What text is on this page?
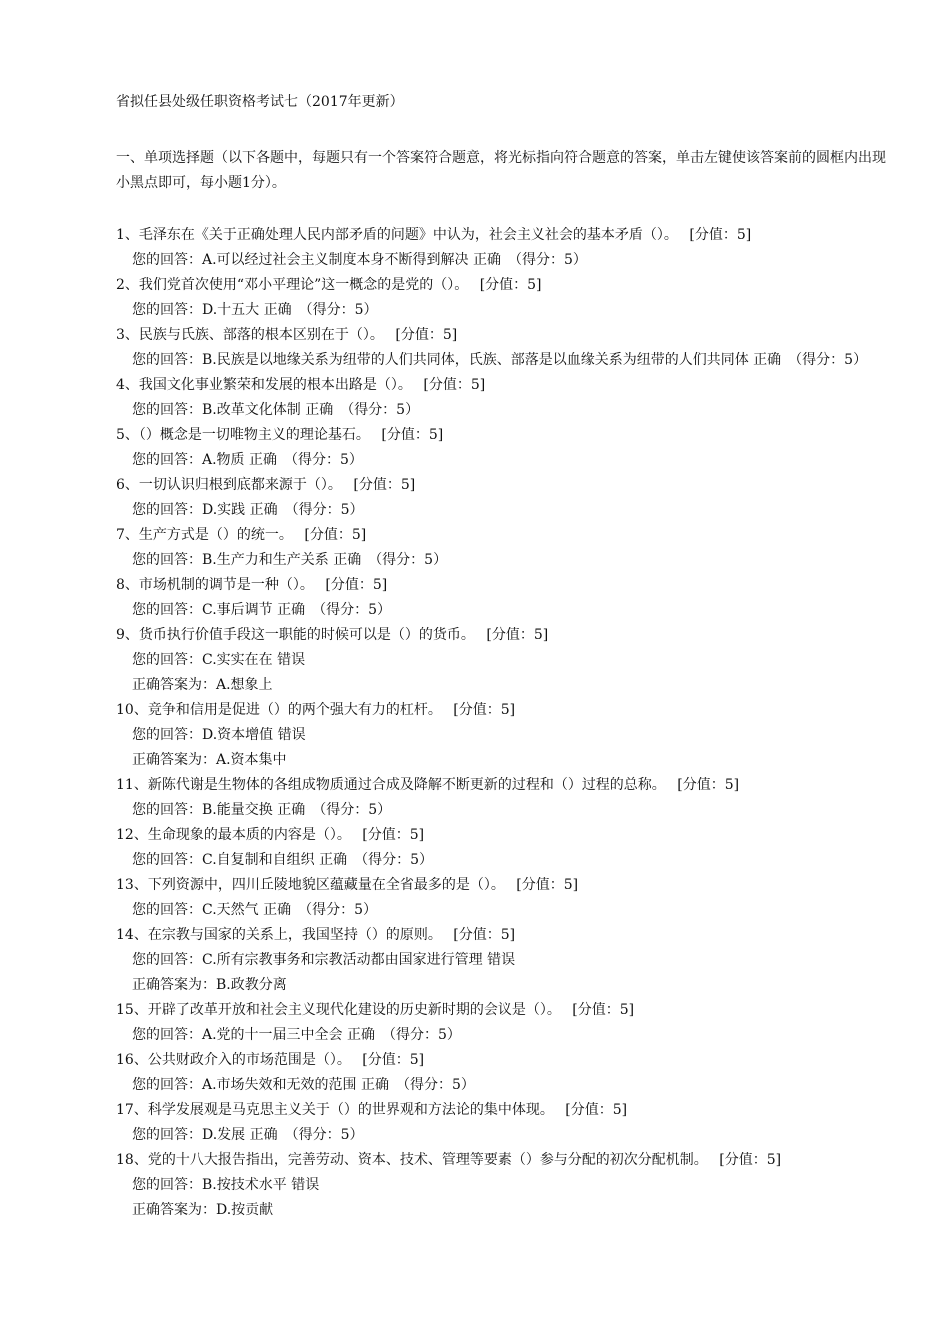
省拟任县处级任职资格考试七（2017年更新）
一、单项选择题（以下各题中，每题只有一个答案符合题意，将光标指向符合题意的答案，单击左键使该答案前的圆框内出现小黑点即可，每小题1分）。
1、毛泽东在《关于正确处理人民内部矛盾的问题》中认为，社会主义社会的基本矛盾（）。　 [分值：5]
您的回答：A.可以经过社会主义制度本身不断得到解决 正确　（得分：5）
2、我们党首次使用“邓小平理论”这一概念的是党的（）。　 [分值：5]
您的回答：D.十五大 正确　（得分：5）
3、民族与氏族、部落的根本区别在于（）。　 [分值：5]
您的回答：B.民族是以地缘关系为纽带的人们共同体，氏族、部落是以血缘关系为纽带的人们共同体 正确　（得分：5）
4、我国文化事业繁荣和发展的根本出路是（）。　 [分值：5]
您的回答：B.改革文化体制 正确　（得分：5）
5、（）概念是一切唯物主义的理论基石。　 [分值：5]
您的回答：A.物质 正确　（得分：5）
6、一切认识归根到底都来源于（）。　 [分值：5]
您的回答：D.实践 正确　（得分：5）
7、生产方式是（）的统一。　 [分值：5]
您的回答：B.生产力和生产关系 正确　（得分：5）
8、市场机制的调节是一种（）。　 [分值：5]
您的回答：C.事后调节 正确　（得分：5）
9、货币执行价值手段这一职能的时候可以是（）的货币。　 [分值：5]
您的回答：C.实实在在 错误
正确答案为：A.想象上
10、竞争和信用是促进（）的两个强大有力的杠杆。　 [分值：5]
您的回答：D.资本增值 错误
正确答案为：A.资本集中
11、新陈代谢是生物体的各组成物质通过合成及降解不断更新的过程和（）过程的总称。　 [分值：5]
您的回答：B.能量交换 正确　（得分：5）
12、生命现象的最本质的内容是（）。　 [分值：5]
您的回答：C.自复制和自组织 正确　（得分：5）
13、下列资源中，四川丘陵地貌区蕴藏量在全省最多的是（）。　 [分值：5]
您的回答：C.天然气 正确　（得分：5）
14、在宗教与国家的关系上，我国坚持（）的原则。　 [分值：5]
您的回答：C.所有宗教事务和宗教活动都由国家进行管理 错误
正确答案为：B.政教分离
15、开辟了改革开放和社会主义现代化建设的历史新时期的会议是（）。　 [分值：5]
您的回答：A.党的十一届三中全会 正确　（得分：5）
16、公共财政介入的市场范围是（）。　 [分值：5]
您的回答：A.市场失效和无效的范围 正确　（得分：5）
17、科学发展观是马克思主义关于（）的世界观和方法论的集中体现。　 [分值：5]
您的回答：D.发展 正确　（得分：5）
18、党的十八大报告指出，完善劳动、资本、技术、管理等要素（）参与分配的初次分配机制。　 [分值：5]
您的回答：B.按技术水平 错误
正确答案为：D.按贡献
